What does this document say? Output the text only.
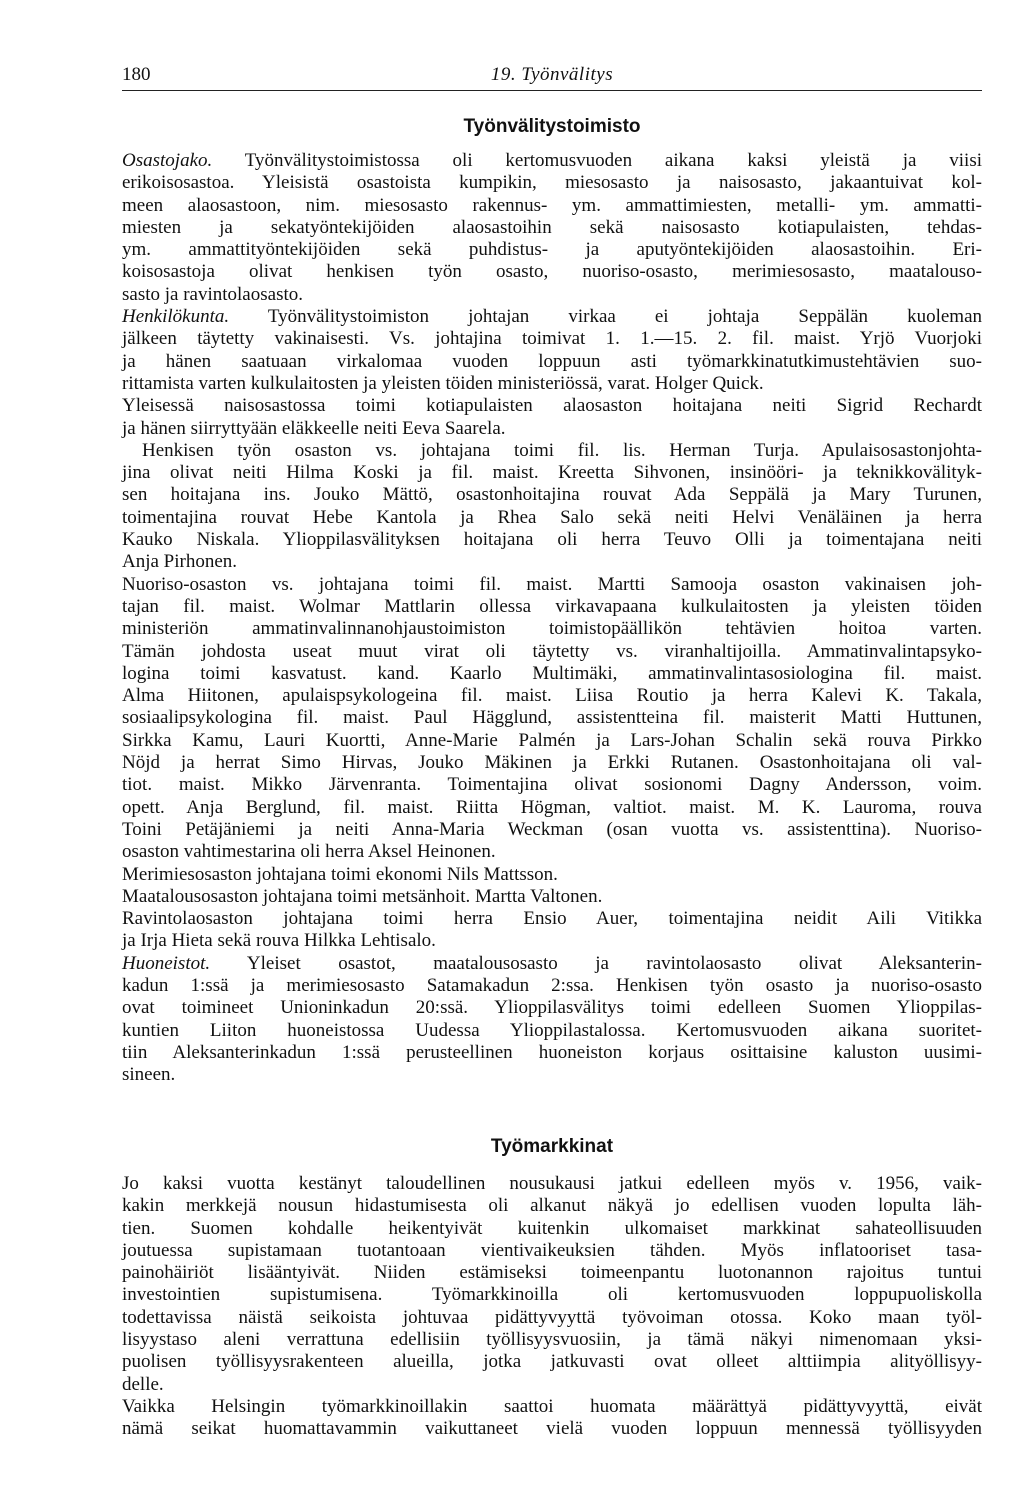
180	19. Työnvälitys
Työnvälitystoimisto
Osastojako. Työnvälitystoimistossa oli kertomusvuoden aikana kaksi yleistä ja viisi
erikoisosastoa. Yleisistä osastoista kumpikin, miesosasto ja naisosasto, jakaantuivat kol-
meen alaosastoon, nim. miesosasto rakennus- ym. ammattimiesten, metalli- ym. ammatti-
miesten ja sekatyöntekijöiden alaosastoihin sekä naisosasto kotiapulaisten, tehdas-
ym. ammattityöntekijöiden sekä puhdistus- ja aputyöntekijöiden alaosastoihin. Eri-
koisosastoja olivat henkisen työn osasto, nuoriso-osasto, merimiesosasto, maatalouso-
sasto ja ravintolaosasto.
Henkilökunta. Työnvälitystoimiston johtajan virkaa ei johtaja Seppälän kuoleman
jälkeen täytetty vakinaisesti. Vs. johtajina toimivat 1. 1.—15. 2. fil. maist. Yrjö Vuorjoki
ja hänen saatuaan virkalomaa vuoden loppuun asti työmarkkinatutkimustehtävien suo-
rittamista varten kulkulaitosten ja yleisten töiden ministeriössä, varat. Holger Quick.
Yleisessä naisosastossa toimi kotiapulaisten alaosaston hoitajana neiti Sigrid Rechardt
ja hänen siirryttyään eläkkeelle neiti Eeva Saarela.
Henkisen työn osaston vs. johtajana toimi fil. lis. Herman Turja. Apulaisosastonjohta-
jina olivat neiti Hilma Koski ja fil. maist. Kreetta Sihvonen, insinööri- ja teknikkovälityk-
sen hoitajana ins. Jouko Mättö, osastonhoitajina rouvat Ada Seppälä ja Mary Turunen,
toimentajina rouvat Hebe Kantola ja Rhea Salo sekä neiti Helvi Venäläinen ja herra
Kauko Niskala. Ylioppilasvälityksen hoitajana oli herra Teuvo Olli ja toimentajana neiti
Anja Pirhonen.
Nuoriso-osaston vs. johtajana toimi fil. maist. Martti Samooja osaston vakinaisen joh-
tajan fil. maist. Wolmar Mattlarin ollessa virkavapaana kulkulaitosten ja yleisten töiden
ministeriön ammatinvalinnanohjaustoimiston toimistopäällikön tehtävien hoitoa varten.
Tämän johdosta useat muut virat oli täytetty vs. viranhaltijoilla. Ammatinvalintapsyko-
logina toimi kasvatust. kand. Kaarlo Multimäki, ammatinvalintasosiologina fil. maist.
Alma Hiitonen, apulaispsykologeina fil. maist. Liisa Routio ja herra Kalevi K. Takala,
sosiaalipsykologina fil. maist. Paul Hägglund, assistentteina fil. maisterit Matti Huttunen,
Sirkka Kamu, Lauri Kuortti, Anne-Marie Palmén ja Lars-Johan Schalin sekä rouva Pirkko
Nöjd ja herrat Simo Hirvas, Jouko Mäkinen ja Erkki Rutanen. Osastonhoitajana oli val-
tiot. maist. Mikko Järvenranta. Toimentajina olivat sosionomi Dagny Andersson, voim.
opett. Anja Berglund, fil. maist. Riitta Högman, valtiot. maist. M. K. Lauroma, rouva
Toini Petäjäniemi ja neiti Anna-Maria Weckman (osan vuotta vs. assistenttina). Nuoriso-
osaston vahtimestarina oli herra Aksel Heinonen.
Merimiesosaston johtajana toimi ekonomi Nils Mattsson.
Maatalousosaston johtajana toimi metsänhoit. Martta Valtonen.
Ravintolaosaston johtajana toimi herra Ensio Auer, toimentajina neidit Aili Vitikka
ja Irja Hieta sekä rouva Hilkka Lehtisalo.
Huoneistot. Yleiset osastot, maatalousosasto ja ravintolaosasto olivat Aleksanterin-
kadun 1:ssä ja merimiesosasto Satamakadun 2:ssa. Henkisen työn osasto ja nuoriso-osasto
ovat toimineet Unioninkadun 20:ssä. Ylioppilasvälitys toimi edelleen Suomen Ylioppilas-
kuntien Liiton huoneistossa Uudessa Ylioppilastalossa. Kertomusvuoden aikana suoritet-
tiin Aleksanterinkadun 1:ssä perusteellinen huoneiston korjaus osittaisine kaluston uusimi-
sineen.
Työmarkkinat
Jo kaksi vuotta kestänyt taloudellinen nousukausi jatkui edelleen myös v. 1956, vaik-
kakin merkkejä nousun hidastumisesta oli alkanut näkyä jo edellisen vuoden lopulta läh-
tien. Suomen kohdalle heikentyivät kuitenkin ulkomaiset markkinat sahateollisuuden
joutuessa supistamaan tuotantoaan vientivaikeuksien tähden. Myös inflatooriset tasa-
painohäiriöt lisääntyivät. Niiden estämiseksi toimeenpantu luotonannon rajoitus tuntui
investointien supistumisena. Työmarkkinoilla oli kertomusvuoden loppupuoliskolla
todettavissa näistä seikoista johtuvaa pidättyvyyttä työvoiman otossa. Koko maan työl-
lisyystaso aleni verrattuna edellisiin työllisyysvuosiin, ja tämä näkyi nimenomaan yksi-
puolisen työllisyysrakenteen alueilla, jotka jatkuvasti ovat olleet alttiimpia alityöllisyy-
delle.
Vaikka Helsingin työmarkkinoillakin saattoi huomata määrättyä pidättyvyyttä, eivät
nämä seikat huomattavammin vaikuttaneet vielä vuoden loppuun mennessä työllisyyden
